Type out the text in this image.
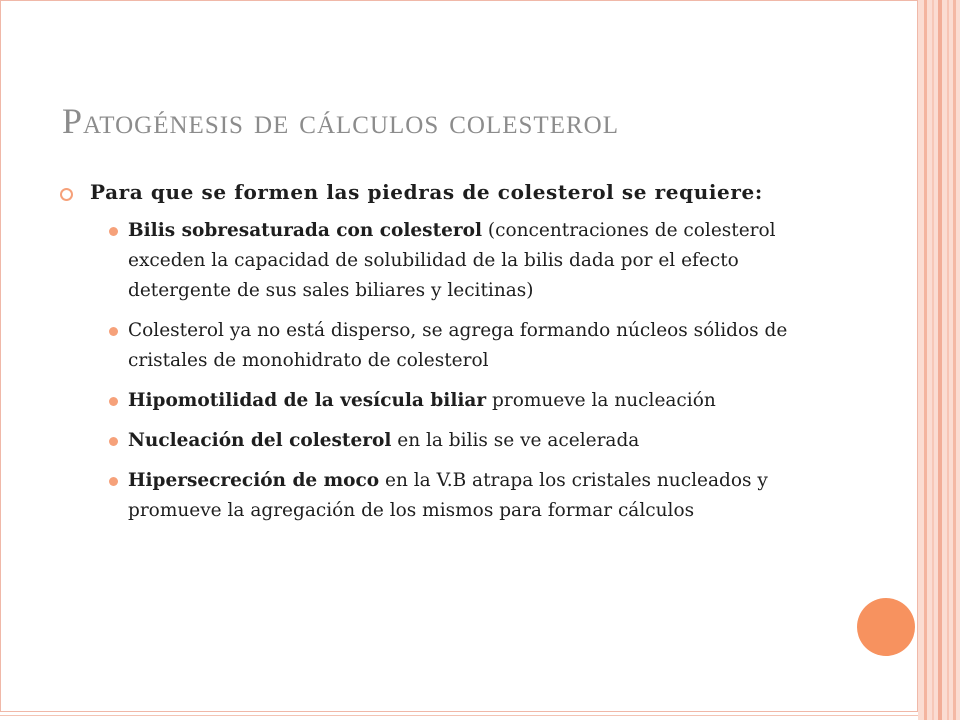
Patogénesis de cálculos colesterol
Para que se formen las piedras de colesterol se requiere:
Bilis sobresaturada con colesterol (concentraciones de colesterol exceden la capacidad de solubilidad de la bilis dada por el efecto detergente de sus sales biliares y lecitinas)
Colesterol ya no está disperso, se agrega formando núcleos sólidos de cristales de monohidrato de colesterol
Hipomotilidad de la vesícula biliar promueve la nucleación
Nucleación del colesterol en la bilis se ve acelerada
Hipersecreción de moco en la V.B atrapa los cristales nucleados y promueve la agregación de los mismos para formar cálculos
